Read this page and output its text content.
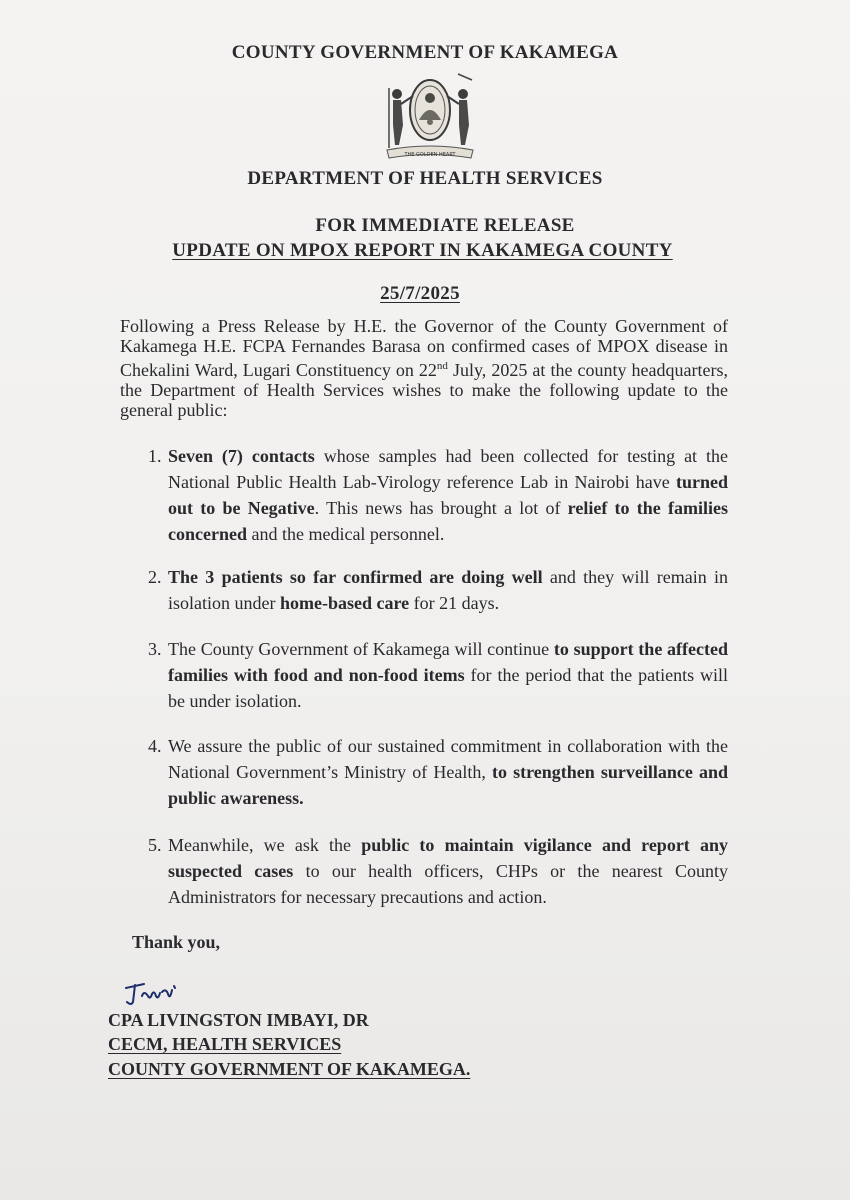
COUNTY GOVERNMENT OF KAKAMEGA
THE GOLDEN HEART
DEPARTMENT OF HEALTH SERVICES
FOR IMMEDIATE RELEASE
UPDATE ON MPOX REPORT IN KAKAMEGA COUNTY
25/7/2025
Following a Press Release by H.E. the Governor of the County Government of Kakamega H.E. FCPA Fernandes Barasa on confirmed cases of MPOX disease in Chekalini Ward, Lugari Constituency on 22nd July, 2025 at the county headquarters, the Department of Health Services wishes to make the following update to the general public:
1. Seven (7) contacts whose samples had been collected for testing at the National Public Health Lab-Virology reference Lab in Nairobi have turned out to be Negative. This news has brought a lot of relief to the families concerned and the medical personnel.
2. The 3 patients so far confirmed are doing well and they will remain in isolation under home-based care for 21 days.
3. The County Government of Kakamega will continue to support the affected families with food and non-food items for the period that the patients will be under isolation.
4. We assure the public of our sustained commitment in collaboration with the National Government’s Ministry of Health, to strengthen surveillance and public awareness.
5. Meanwhile, we ask the public to maintain vigilance and report any suspected cases to our health officers, CHPs or the nearest County Administrators for necessary precautions and action.
Thank you,
CPA LIVINGSTON IMBAYI, DR
CECM, HEALTH SERVICES
COUNTY GOVERNMENT OF KAKAMEGA.
